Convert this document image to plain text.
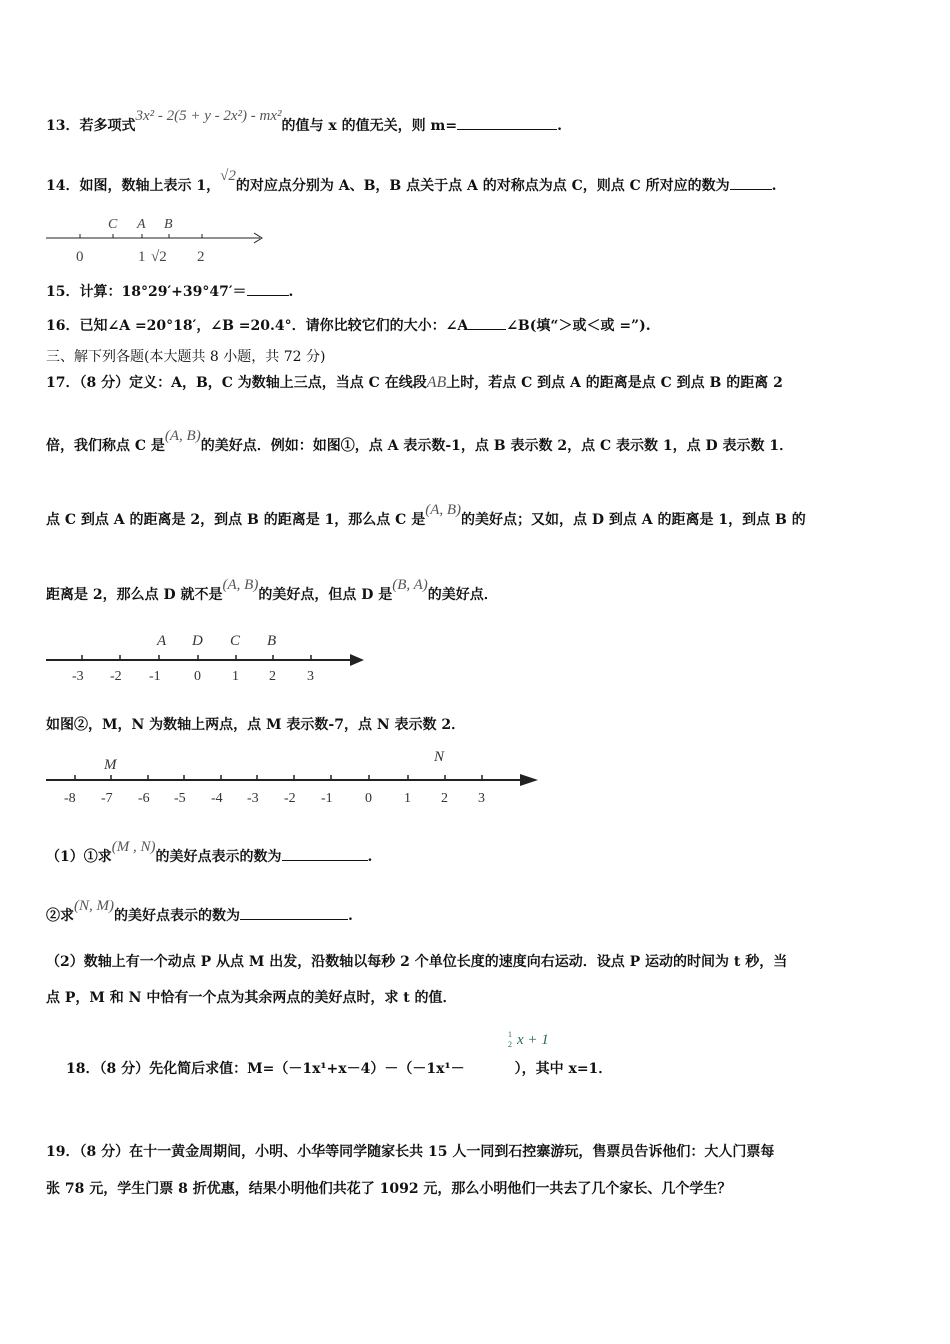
13．若多项式3x² - 2(5 + y - 2x²) - mx²的值与 x 的值无关，则 m=	.
14．如图，数轴上表示 1，√2的对应点分别为 A、B，B 点关于点 A 的对称点为点 C，则点 C 所对应的数为	.
C A B
0	1 √2 2
15．计算：18°29′+39°47′＝	.
16．已知∠A =20°18′，∠B =20.4°．请你比较它们的大小：∠A	∠B(填“＞或＜或 =”).
三、解下列各题(本大题共 8 小题，共 72 分)
17．（8 分）定义：A，B，C 为数轴上三点，当点 C 在线段AB上时，若点 C 到点 A 的距离是点 C 到点 B 的距离 2
倍，我们称点 C 是(A, B)的美好点．例如：如图①，点 A 表示数-1，点 B 表示数 2，点 C 表示数 1，点 D 表示数 1．
点 C 到点 A 的距离是 2，到点 B 的距离是 1，那么点 C 是(A, B)的美好点；又如，点 D 到点 A 的距离是 1，到点 B 的
距离是 2，那么点 D 就不是(A, B)的美好点，但点 D 是(B, A)的美好点．
A D C B
-3 -2 -1 0 1 2 3
如图②，M，N 为数轴上两点，点 M 表示数-7，点 N 表示数 2．
M	N
-8 -7 -6 -5 -4 -3 -2 -1 0 1 2 3
（1）①求(M , N)的美好点表示的数为	.
②求(N, M)的美好点表示的数为	.
（2）数轴上有一个动点 P 从点 M 出发，沿数轴以每秒 2 个单位长度的速度向右运动．设点 P 运动的时间为 t 秒，当
点 P，M 和 N 中恰有一个点为其余两点的美好点时，求 t 的值．
1
2 x + 1
18．（8 分）先化简后求值：M=（－1x¹+x－4）－（－1x¹－	），其中 x=1．
19．（8 分）在十一黄金周期间，小明、小华等同学随家长共 15 人一同到石控寨游玩，售票员告诉他们：大人门票每
张 78 元，学生门票 8 折优惠，结果小明他们共花了 1092 元，那么小明他们一共去了几个家长、几个学生？
